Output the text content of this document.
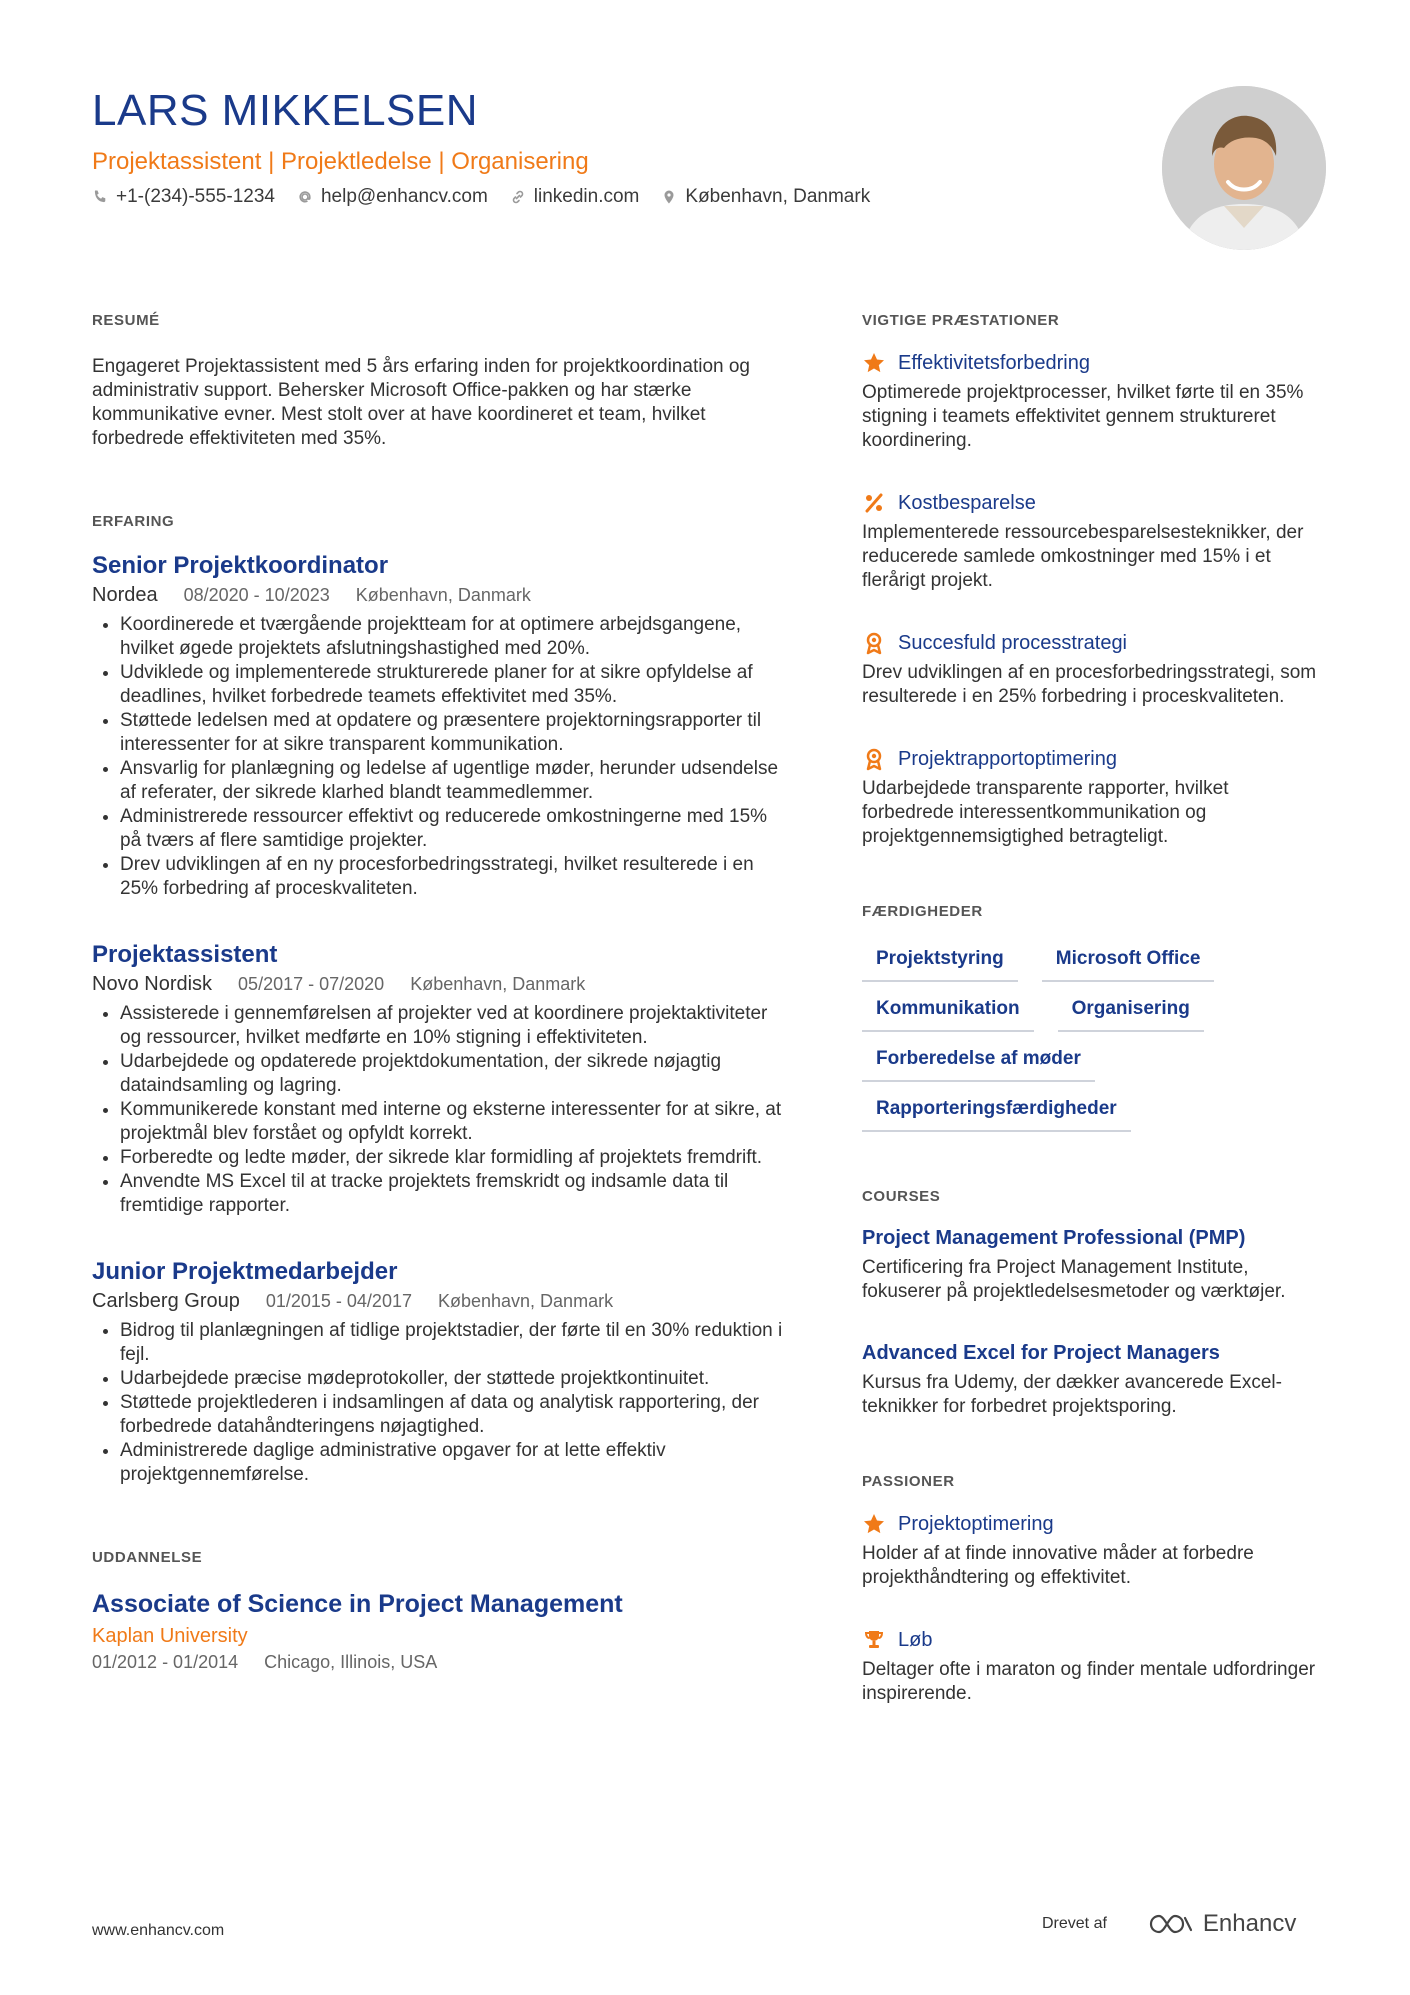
LARS MIKKELSEN

Projektassistent | Projektledelse | Organisering

+1-(234)-555-1234 help@enhancv.com linkedin.com København, Danmark
RESUMÉ

Engageret Projektassistent med 5 års erfaring inden for projektkoordination og administrativ support. Behersker Microsoft Office-pakken og har stærke kommunikative evner. Mest stolt over at have koordineret et team, hvilket forbedrede effektiviteten med 35%.

ERFARING
Senior Projektkoordinator
Nordea 08/2020 - 10/2023 København, Danmark
• Koordinerede et tværgående projektteam for at optimere arbejdsgangene, hvilket øgede projektets afslutningshastighed med 20%.
• Udviklede og implementerede strukturerede planer for at sikre opfyldelse af deadlines, hvilket forbedrede teamets effektivitet med 35%.
• Støttede ledelsen med at opdatere og præsentere projektorningsrapporter til interessenter for at sikre transparent kommunikation.
• Ansvarlig for planlægning og ledelse af ugentlige møder, herunder udsendelse af referater, der sikrede klarhed blandt teammedlemmer.
• Administrerede ressourcer effektivt og reducerede omkostningerne med 15% på tværs af flere samtidige projekter.
• Drev udviklingen af en ny procesforbedringsstrategi, hvilket resulterede i en 25% forbedring af proceskvaliteten.
Projektassistent
Novo Nordisk 05/2017 - 07/2020 København, Danmark
• Assisterede i gennemførelsen af projekter ved at koordinere projektaktiviteter og ressourcer, hvilket medførte en 10% stigning i effektiviteten.
• Udarbejdede og opdaterede projektdokumentation, der sikrede nøjagtig dataindsamling og lagring.
• Kommunikerede konstant med interne og eksterne interessenter for at sikre, at projektmål blev forstået og opfyldt korrekt.
• Forberedte og ledte møder, der sikrede klar formidling af projektets fremdrift.
• Anvendte MS Excel til at tracke projektets fremskridt og indsamle data til fremtidige rapporter.
Junior Projektmedarbejder
Carlsberg Group 01/2015 - 04/2017 København, Danmark
• Bidrog til planlægningen af tidlige projektstadier, der førte til en 30% reduktion i fejl.
• Udarbejdede præcise mødeprotokoller, der støttede projektkontinuitet.
• Støttede projektlederen i indsamlingen af data og analytisk rapportering, der forbedrede datahåndteringens nøjagtighed.
• Administrerede daglige administrative opgaver for at lette effektiv projektgennemførelse.
UDDANNELSE
Associate of Science in Project Management

Kaplan University

01/2012 - 01/2014 Chicago, Illinois, USA
VIGTIGE PRÆSTATIONER
Effektivitetsforbedring

Optimerede projektprocesser, hvilket førte til en 35% stigning i teamets effektivitet gennem struktureret koordinering.

Kostbesparelse

Implementerede ressourcebesparelsesteknikker, der reducerede samlede omkostninger med 15% i et flerårigt projekt.

Succesfuld processtrategi

Drev udviklingen af en procesforbedringsstrategi, som resulterede i en 25% forbedring i proceskvaliteten.

Projektrapportoptimering

Udarbejdede transparente rapporter, hvilket forbedrede interessentkommunikation og projektgennemsigtighed betragteligt.

FÆRDIGHEDER
Projektstyring	Microsoft Office
Kommunikation	Organisering
Forberedelse af møder
Rapporteringsfærdigheder
COURSES
Project Management Professional (PMP)

Certificering fra Project Management Institute, fokuserer på projektledelsesmetoder og værktøjer.

Advanced Excel for Project Managers

Kursus fra Udemy, der dækker avancerede Excel-teknikker for forbedret projektsporing.

PASSIONER
Projektoptimering

Holder af at finde innovative måder at forbedre projekthåndtering og effektivitet.

Løb

Deltager ofte i maraton og finder mentale udfordringer inspirerende.

www.enhancv.com	Drevet af	Enhancv
